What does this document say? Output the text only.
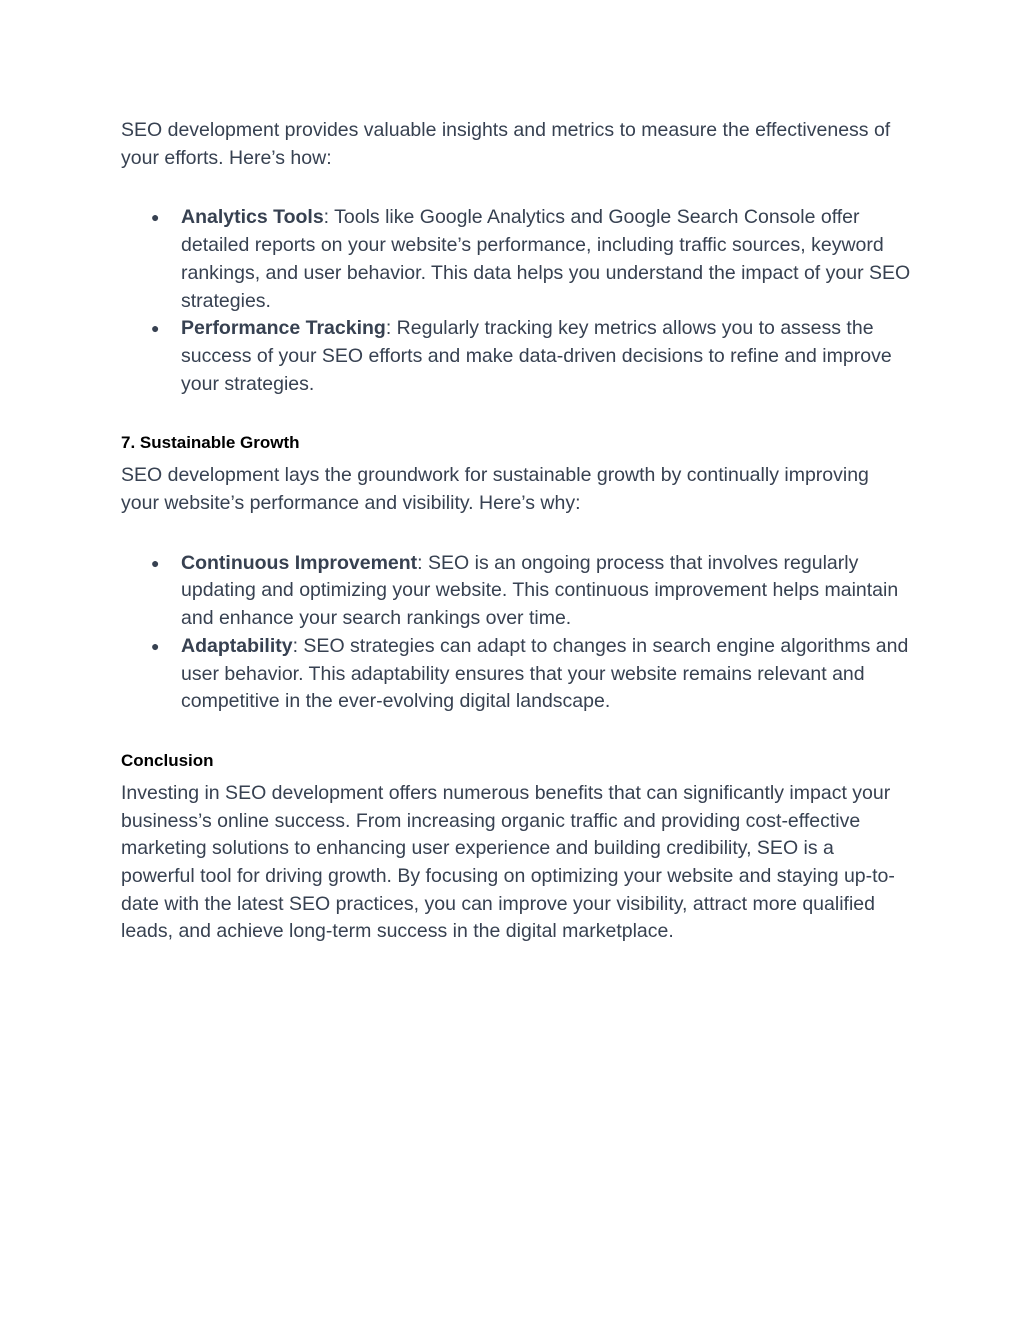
SEO development provides valuable insights and metrics to measure the effectiveness of your efforts. Here’s how:

● Analytics Tools: Tools like Google Analytics and Google Search Console offer detailed reports on your website’s performance, including traffic sources, keyword rankings, and user behavior. This data helps you understand the impact of your SEO strategies.
● Performance Tracking: Regularly tracking key metrics allows you to assess the success of your SEO efforts and make data-driven decisions to refine and improve your strategies.
7. Sustainable Growth

SEO development lays the groundwork for sustainable growth by continually improving your website’s performance and visibility. Here’s why:

● Continuous Improvement: SEO is an ongoing process that involves regularly updating and optimizing your website. This continuous improvement helps maintain and enhance your search rankings over time.
● Adaptability: SEO strategies can adapt to changes in search engine algorithms and user behavior. This adaptability ensures that your website remains relevant and competitive in the ever-evolving digital landscape.
Conclusion

Investing in SEO development offers numerous benefits that can significantly impact your business’s online success. From increasing organic traffic and providing cost-effective marketing solutions to enhancing user experience and building credibility, SEO is a powerful tool for driving growth. By focusing on optimizing your website and staying up-to-date with the latest SEO practices, you can improve your visibility, attract more qualified leads, and achieve long-term success in the digital marketplace.
